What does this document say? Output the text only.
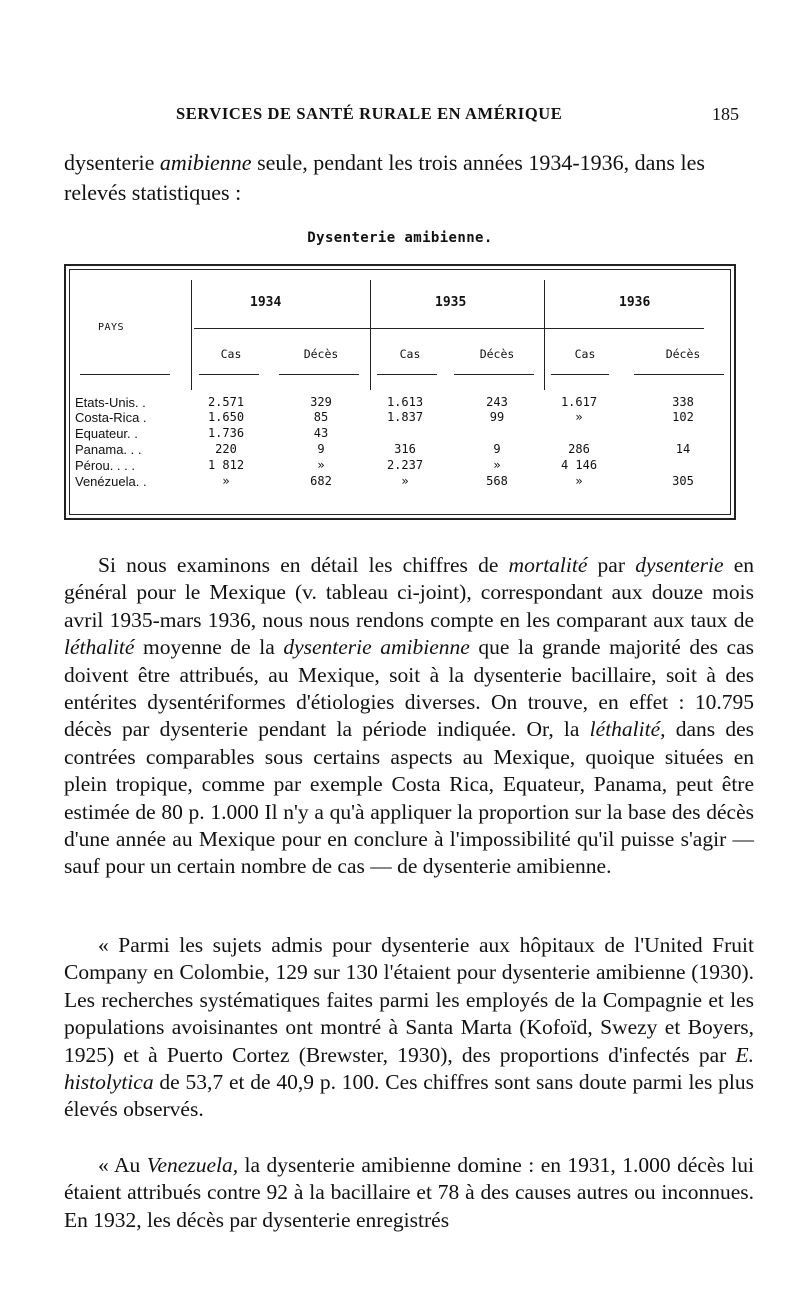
SERVICES DE SANTÉ RURALE EN AMÉRIQUE	185

dysenterie amibienne seule, pendant les trois années 1934-1936, dans les relevés statistiques :

Dysenterie amibienne.
PAYS
1934	1935	1936
Cas	Décès	Cas	Décès	Cas	Décès
Etats-Unis. .	2.571	329	1.613	243	1.617	338
Costa-Rica .	1.650	85	1.837	99	»	102
Equateur. .	1.736	43
Panama. . .	220	9	316	9	286	14
Pérou. . . .	1 812	»	2.237	»	4 146
Venézuela. .	»	682	»	568	»	305

Si nous examinons en détail les chiffres de mortalité par dysenterie en général pour le Mexique (v. tableau ci-joint), correspondant aux douze mois avril 1935-mars 1936, nous nous rendons compte en les comparant aux taux de léthalité moyenne de la dysenterie amibienne que la grande majorité des cas doivent être attribués, au Mexique, soit à la dysenterie bacillaire, soit à des entérites dysentériformes d'étiologies diverses. On trouve, en effet : 10.795 décès par dysenterie pendant la période indiquée. Or, la léthalité, dans des contrées comparables sous certains aspects au Mexique, quoique situées en plein tropique, comme par exemple Costa Rica, Equateur, Panama, peut être estimée de 80 p. 1.000 Il n'y a qu'à appliquer la proportion sur la base des décès d'une année au Mexique pour en conclure à l'impossibilité qu'il puisse s'agir — sauf pour un certain nombre de cas — de dysenterie amibienne.

« Parmi les sujets admis pour dysenterie aux hôpitaux de l'United Fruit Company en Colombie, 129 sur 130 l'étaient pour dysenterie amibienne (1930). Les recherches systématiques faites parmi les employés de la Compagnie et les populations avoisinantes ont montré à Santa Marta (Kofoïd, Swezy et Boyers, 1925) et à Puerto Cortez (Brewster, 1930), des proportions d'infectés par E. histolytica de 53,7 et de 40,9 p. 100. Ces chiffres sont sans doute parmi les plus élevés observés.

« Au Venezuela, la dysenterie amibienne domine : en 1931, 1.000 décès lui étaient attribués contre 92 à la bacillaire et 78 à des causes autres ou inconnues. En 1932, les décès par dysenterie enregistrés
